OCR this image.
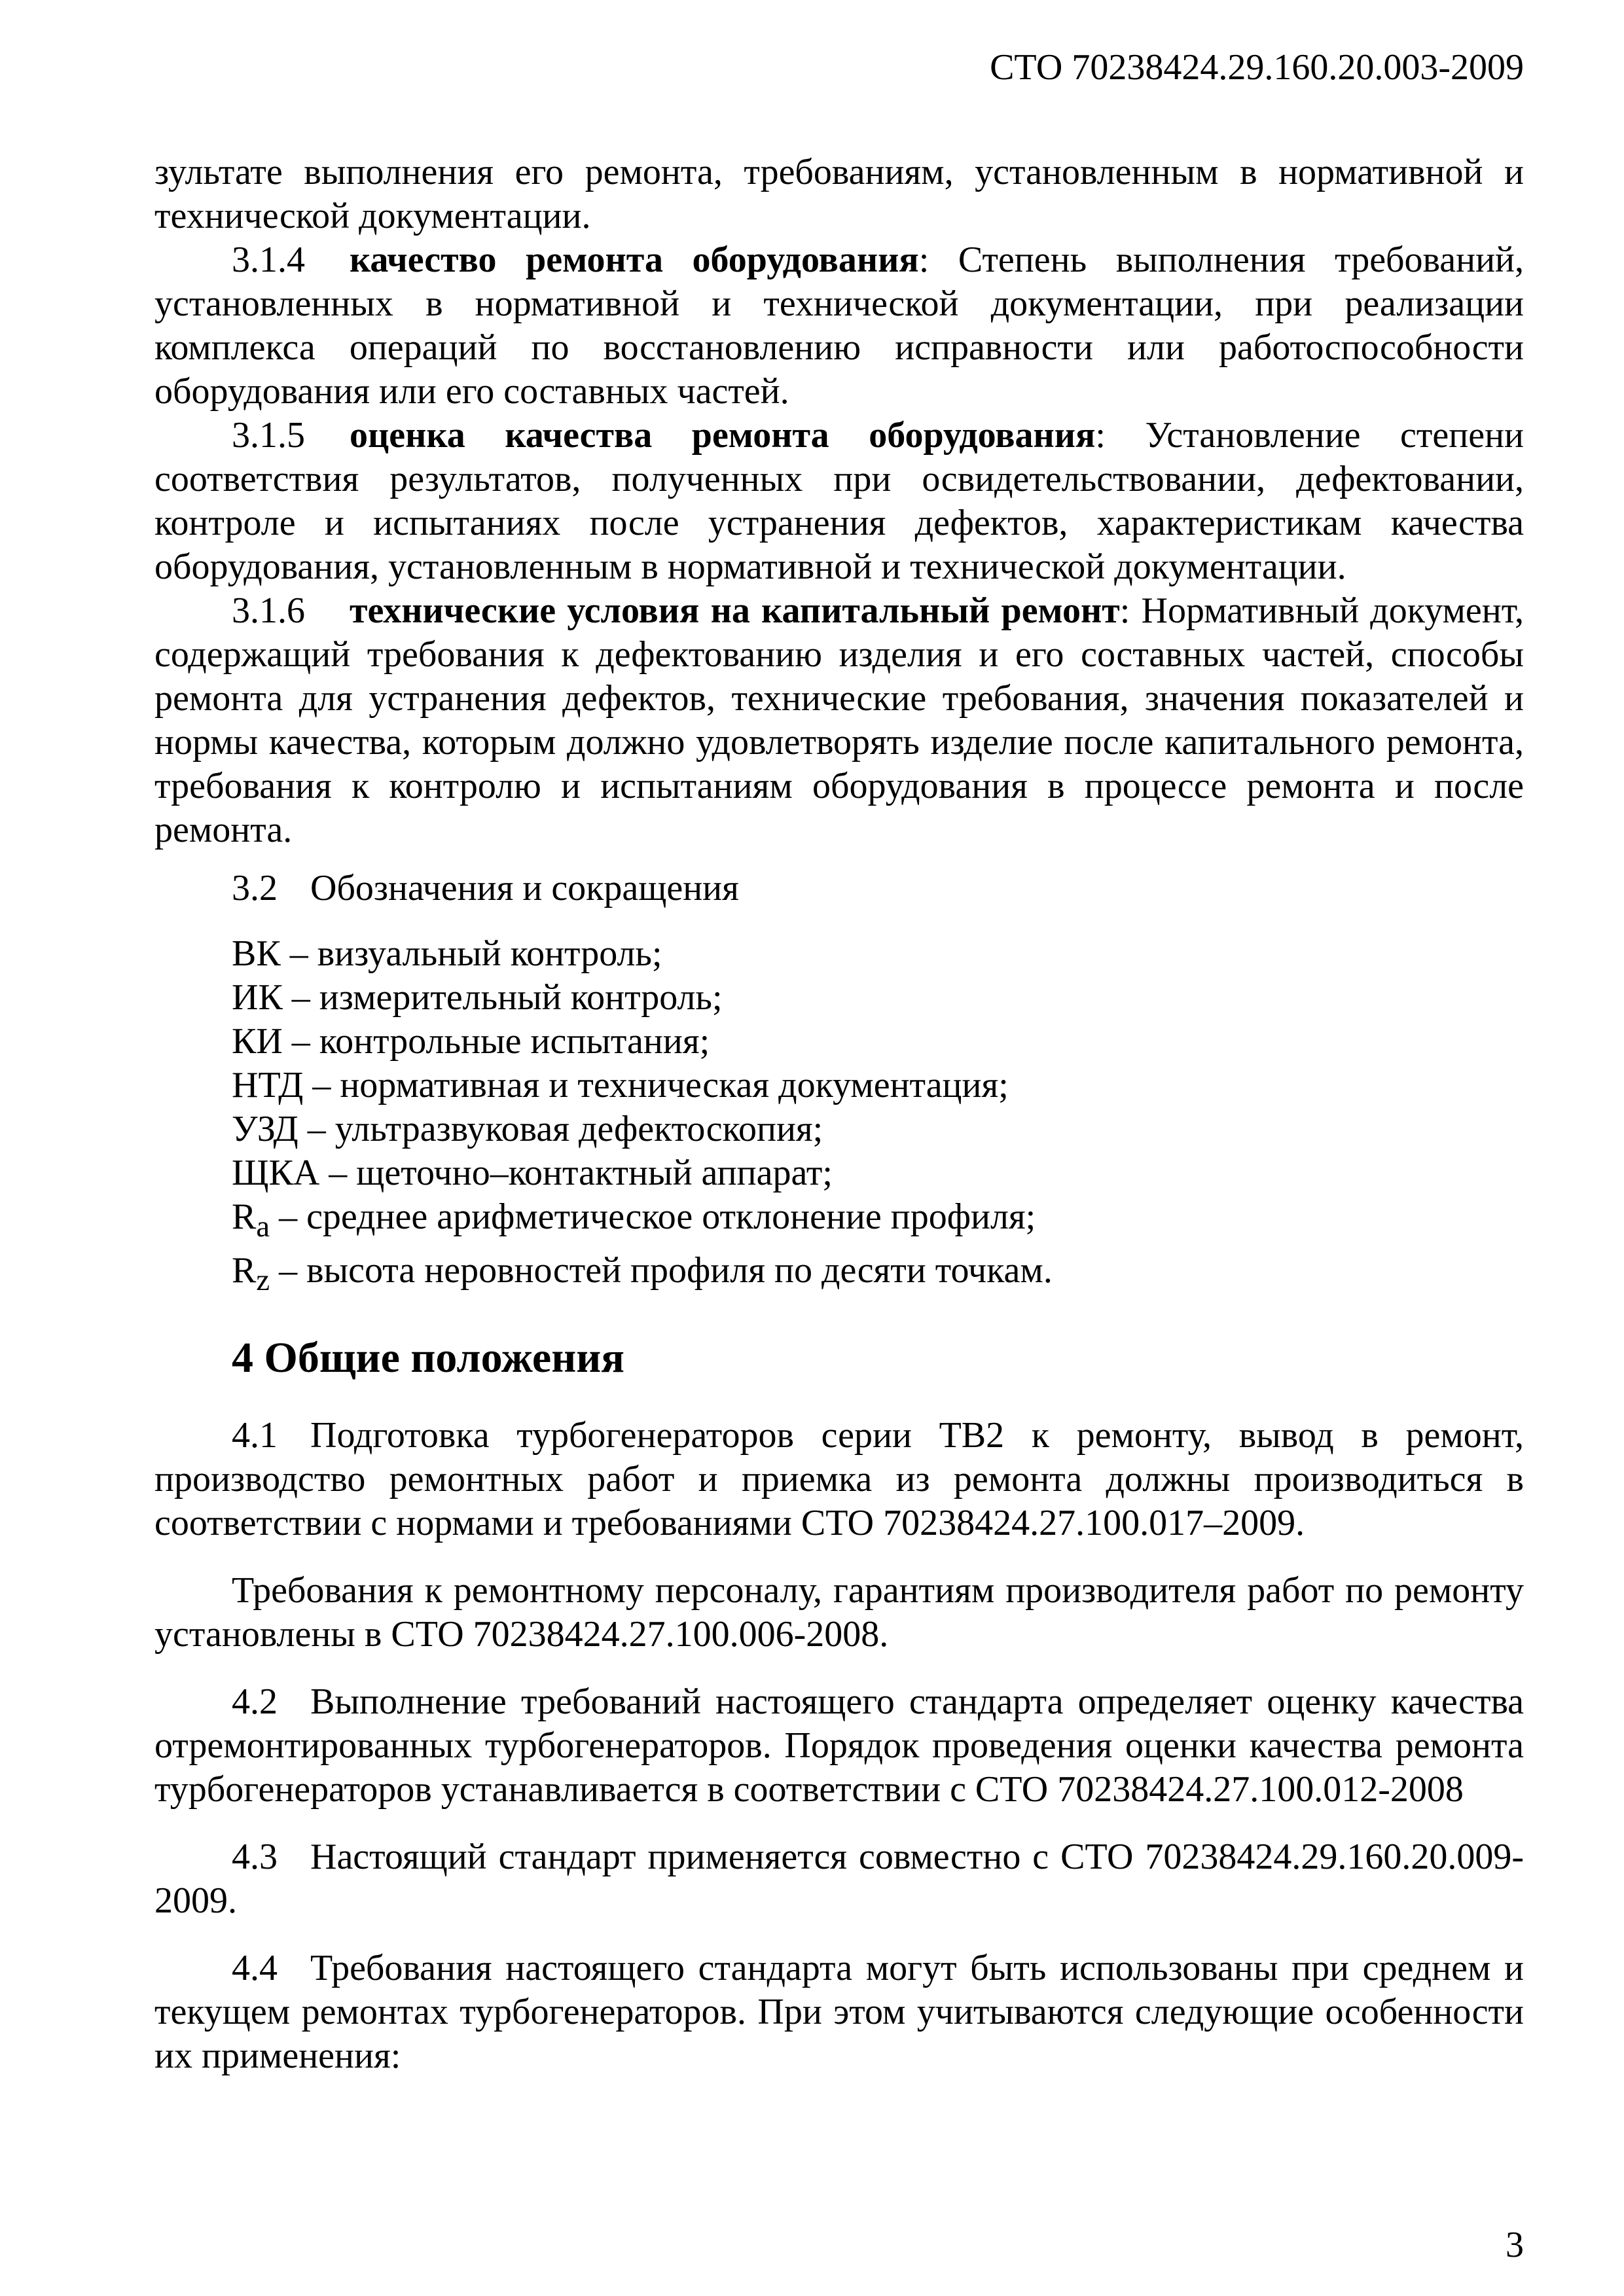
СТО 70238424.29.160.20.003-2009

зультате выполнения его ремонта, требованиям, установленным в нормативной и технической документации.

3.1.4 качество ремонта оборудования: Степень выполнения требований, установленных в нормативной и технической документации, при реализации комплекса операций по восстановлению исправности или работоспособности оборудования или его составных частей.

3.1.5 оценка качества ремонта оборудования: Установление степени соответствия результатов, полученных при освидетельствовании, дефектовании, контроле и испытаниях после устранения дефектов, характеристикам качества оборудования, установленным в нормативной и технической документации.

3.1.6 технические условия на капитальный ремонт: Нормативный документ, содержащий требования к дефектованию изделия и его составных частей, способы ремонта для устранения дефектов, технические требования, значения показателей и нормы качества, которым должно удовлетворять изделие после капитального ремонта, требования к контролю и испытаниям оборудования в процессе ремонта и после ремонта.

3.2 Обозначения и сокращения

ВК – визуальный контроль;

ИК – измерительный контроль;

КИ – контрольные испытания;

НТД – нормативная и техническая документация;

УЗД – ультразвуковая дефектоскопия;

ЩКА – щеточно–контактный аппарат;

$R_a$ – среднее арифметическое отклонение профиля;

$R_z$ – высота неровностей профиля по десяти точкам.

4 Общие положения

4.1 Подготовка турбогенераторов серии ТВ2 к ремонту, вывод в ремонт, производство ремонтных работ и приемка из ремонта должны производиться в соответствии с нормами и требованиями СТО 70238424.27.100.017–2009.

Требования к ремонтному персоналу, гарантиям производителя работ по ремонту установлены в СТО 70238424.27.100.006-2008.

4.2 Выполнение требований настоящего стандарта определяет оценку качества отремонтированных турбогенераторов. Порядок проведения оценки качества ремонта турбогенераторов устанавливается в соответствии с СТО 70238424.27.100.012-2008

4.3 Настоящий стандарт применяется совместно с СТО 70238424.29.160.20.009-2009.

4.4 Требования настоящего стандарта могут быть использованы при среднем и текущем ремонтах турбогенераторов. При этом учитываются следующие особенности их применения:

3
